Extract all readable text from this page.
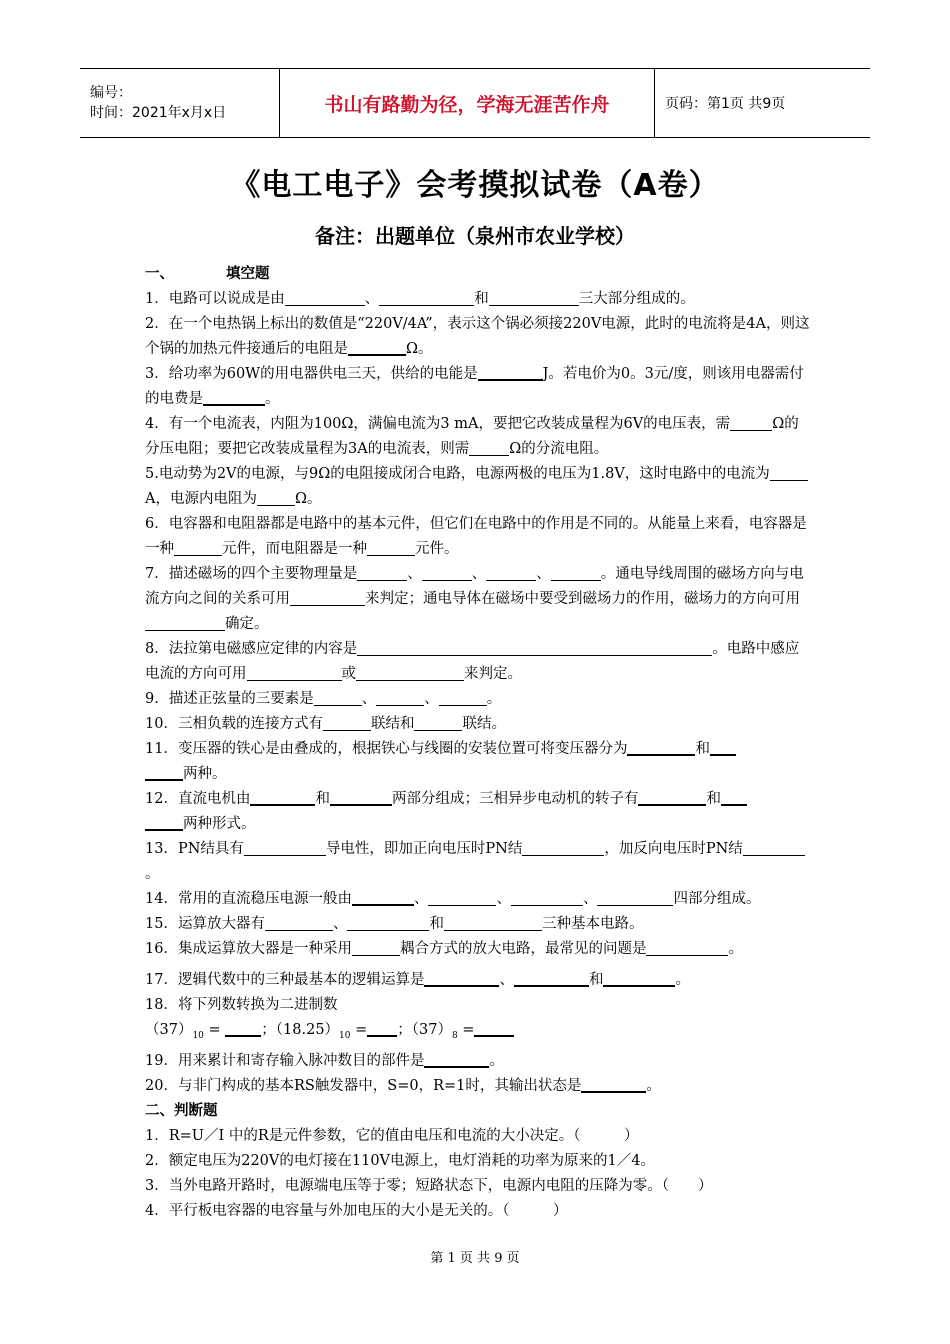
编号：
时间：2021年x月x日	书山有路勤为径，学海无涯苦作舟	页码：第1页 共9页
《电工电子》会考摸拟试卷（A卷）
备注：出题单位（泉州市农业学校）
一、	填空题

1．电路可以说成是由	、	和	三大部分组成的。

2．在一个电热锅上标出的数值是“220V/4A”，表示这个锅必须接220V电源，此时的电流将是4A，则这个锅的加热元件接通后的电阻是	Ω。

3．给功率为60W的用电器供电三天，供给的电能是	J。若电价为0。3元/度，则该用电器需付的电费是	。

4．有一个电流表，内阻为100Ω，满偏电流为3 mA，要把它改装成量程为6V的电压表，需	Ω的分压电阻；要把它改装成量程为3A的电流表，则需	Ω的分流电阻。

5.电动势为2V的电源，与9Ω的电阻接成闭合电路，电源两极的电压为1.8V，这时电路中的电流为A，电源内电阻为	Ω。

6．电容器和电阻器都是电路中的基本元件，但它们在电路中的作用是不同的。从能量上来看，电容器是一种	元件，而电阻器是一种	元件。

7．描述磁场的四个主要物理量是	、	、	、	。通电导线周围的磁场方向与电流方向之间的关系可用	来判定；通电导体在磁场中要受到磁场力的作用，磁场力的方向可用确定。

8．法拉第电磁感应定律的内容是	。电路中感应电流的方向可用	或	来判定。

9．描述正弦量的三要素是	、	、	。

10．三相负载的连接方式有	联结和	联结。

11．变压器的铁心是由叠成的，根据铁心与线圈的安装位置可将变压器分为	和
两种。

12．直流电机由	和	两部分组成；三相异步电动机的转子有	和
两种形式。

13．PN结具有	导电性，即加正向电压时PN结	，加反向电压时PN结。

14．常用的直流稳压电源一般由	、	、	、	四部分组成。

15．运算放大器有	、	和	三种基本电路。

16．集成运算放大器是一种采用	耦合方式的放大电路，最常见的问题是	。

17．逻辑代数中的三种最基本的逻辑运算是	、	和	。

18．将下列数转换为二进制数

$(37)_{10}$ = ；$(18.25)_{10}$ = ；$(37)_8$ =

19．用来累计和寄存输入脉冲数目的部件是	。

20．与非门构成的基本RS触发器中，S=0，R=1时，其输出状态是	。

二、判断题

1．R=U／I 中的R是元件参数，它的值由电压和电流的大小决定。（　　　）

2．额定电压为220V的电灯接在110V电源上，电灯消耗的功率为原来的1／4。

3．当外电路开路时，电源端电压等于零；短路状态下，电源内电阻的压降为零。（　　）

4．平行板电容器的电容量与外加电压的大小是无关的。（　　　）

第 1 页 共 9 页
